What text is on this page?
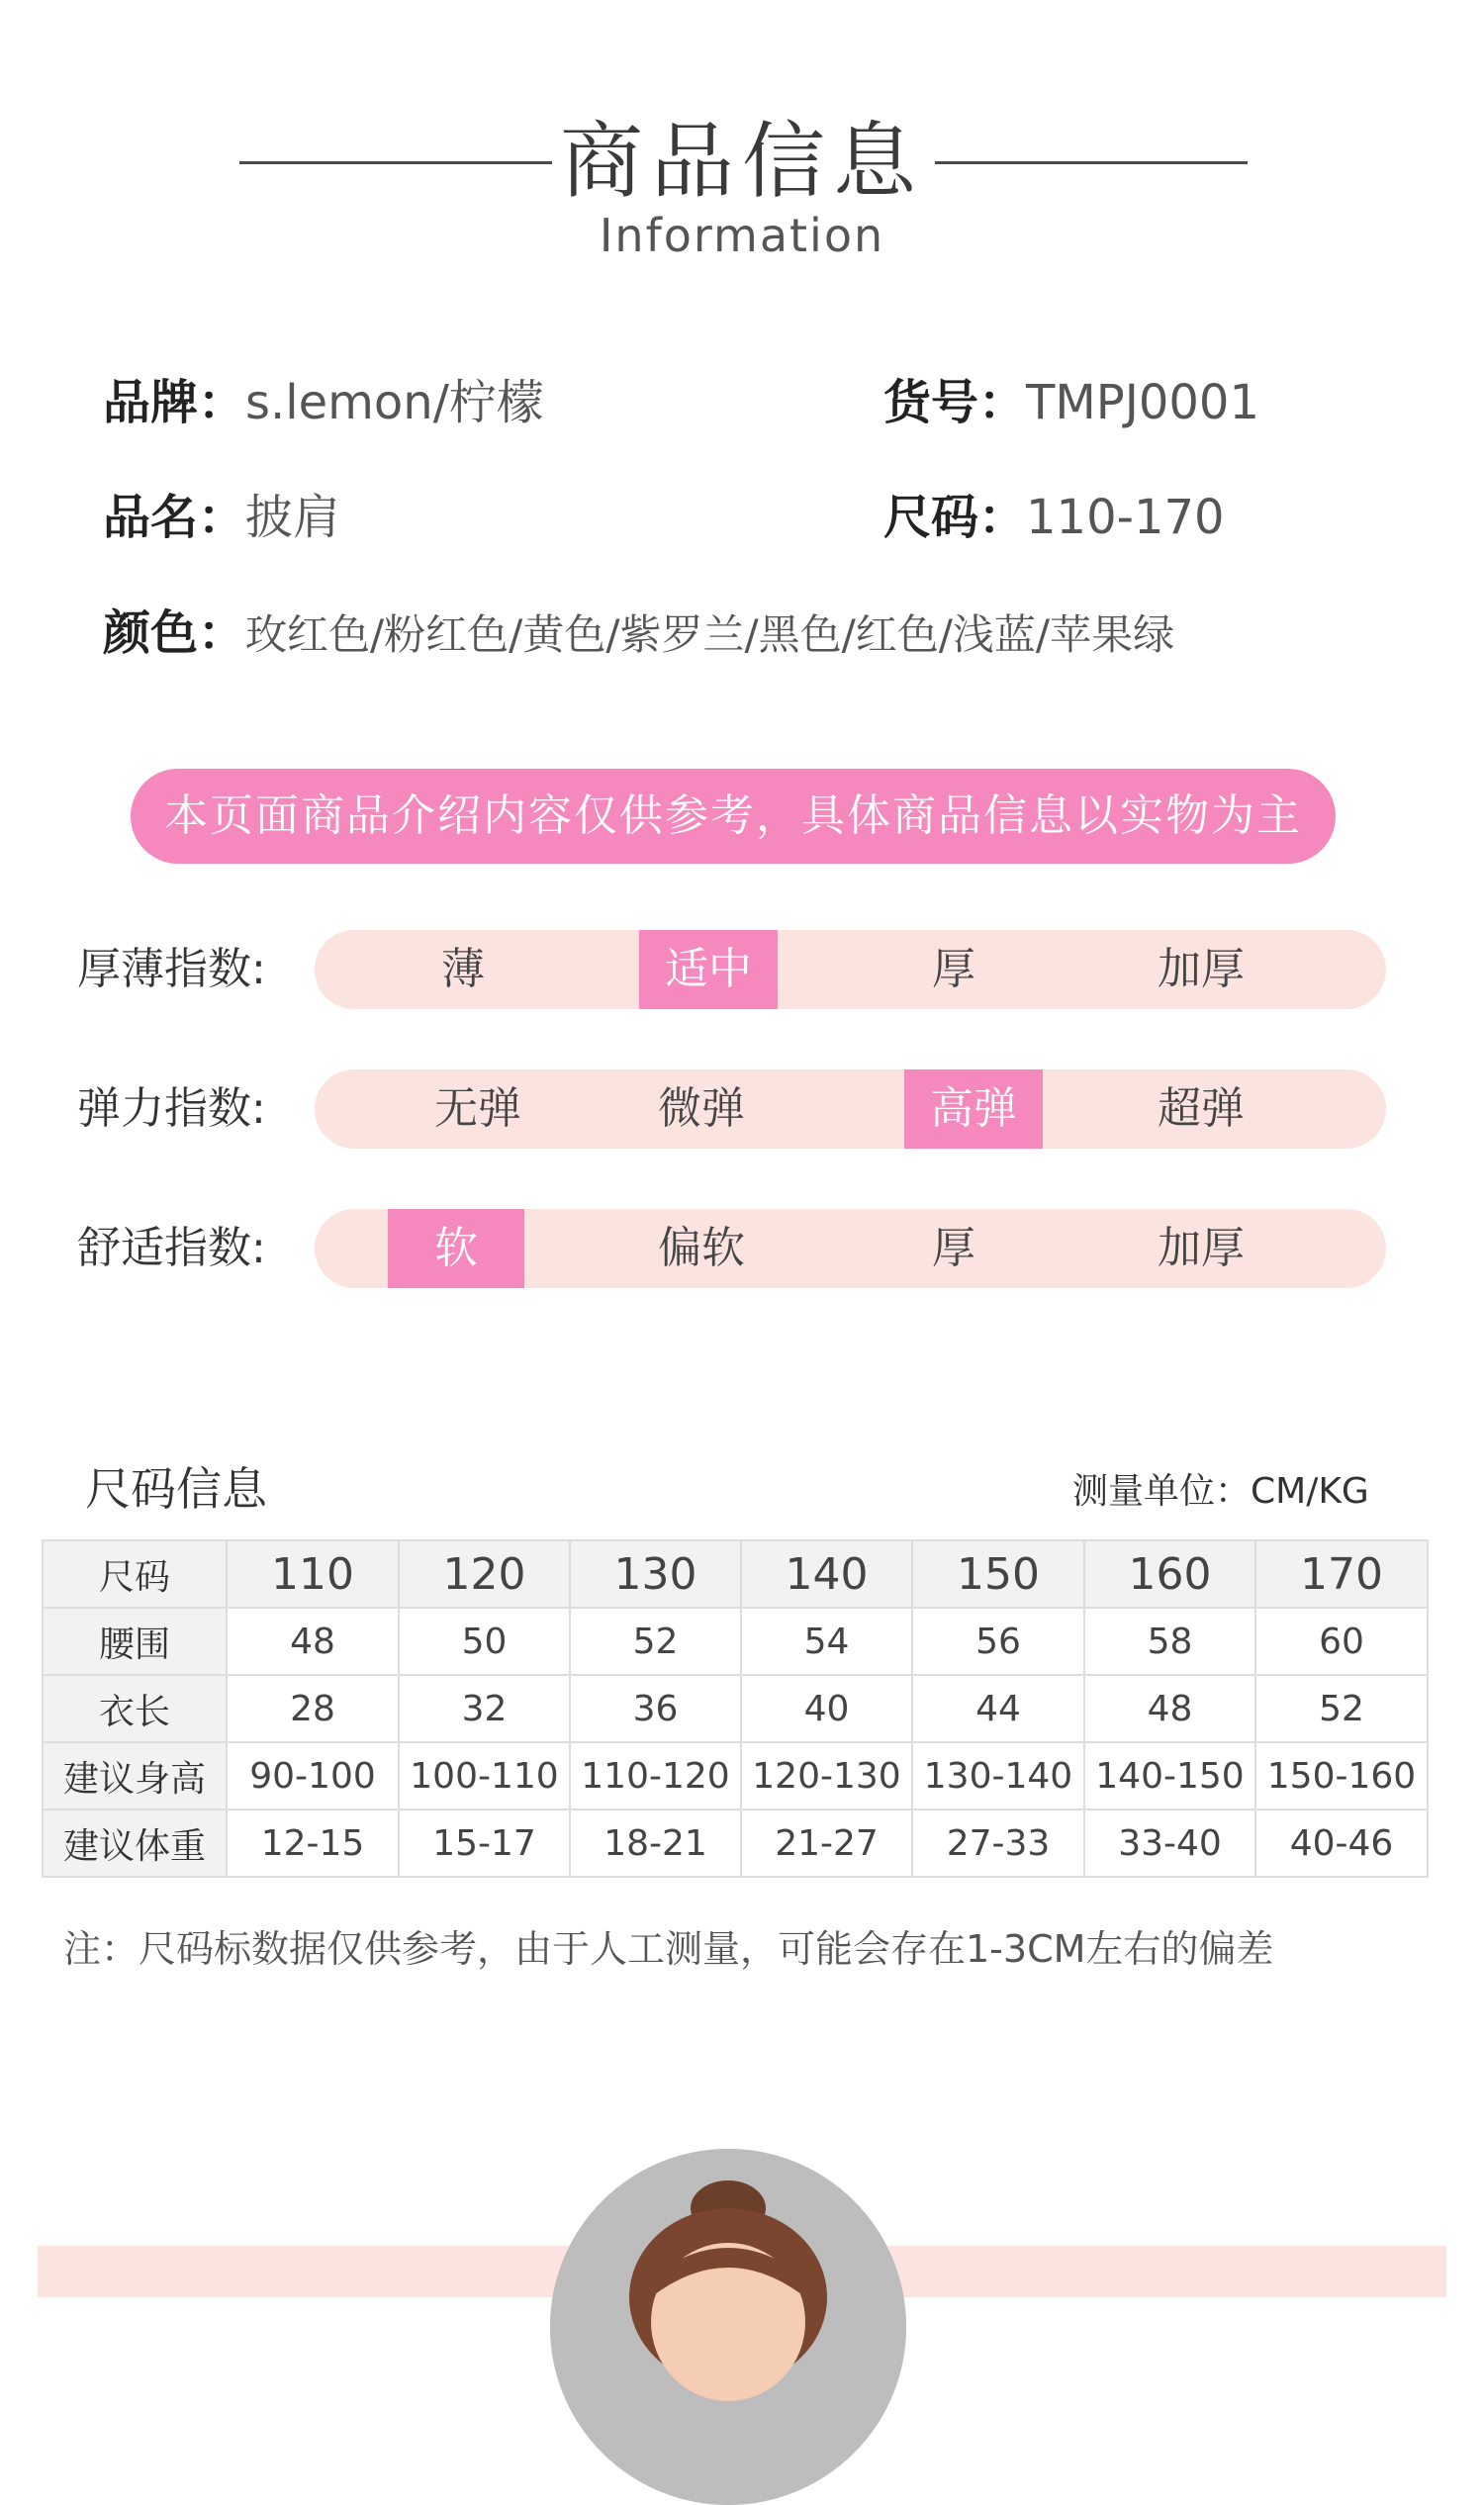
商品信息
Information
品牌：s.lemon/柠檬	货号：TMPJ0001
品名：披肩	尺码：110-170
颜色：玫红色/粉红色/黄色/紫罗兰/黑色/红色/浅蓝/苹果绿
本页面商品介绍内容仅供参考，具体商品信息以实物为主
厚薄指数:	薄	适中	厚	加厚
弹力指数:	无弹	微弹	高弹	超弹
舒适指数:	软	偏软	厚	加厚
尺码信息	测量单位：CM/KG
尺码	110	120	130	140	150	160	170
腰围	48	50	52	54	56	58	60
衣长	28	32	36	40	44	48	52
建议身高	90-100	100-110	110-120	120-130	130-140	140-150	150-160
建议体重	12-15	15-17	18-21	21-27	27-33	33-40	40-46
注：尺码标数据仅供参考，由于人工测量，可能会存在1-3CM左右的偏差
